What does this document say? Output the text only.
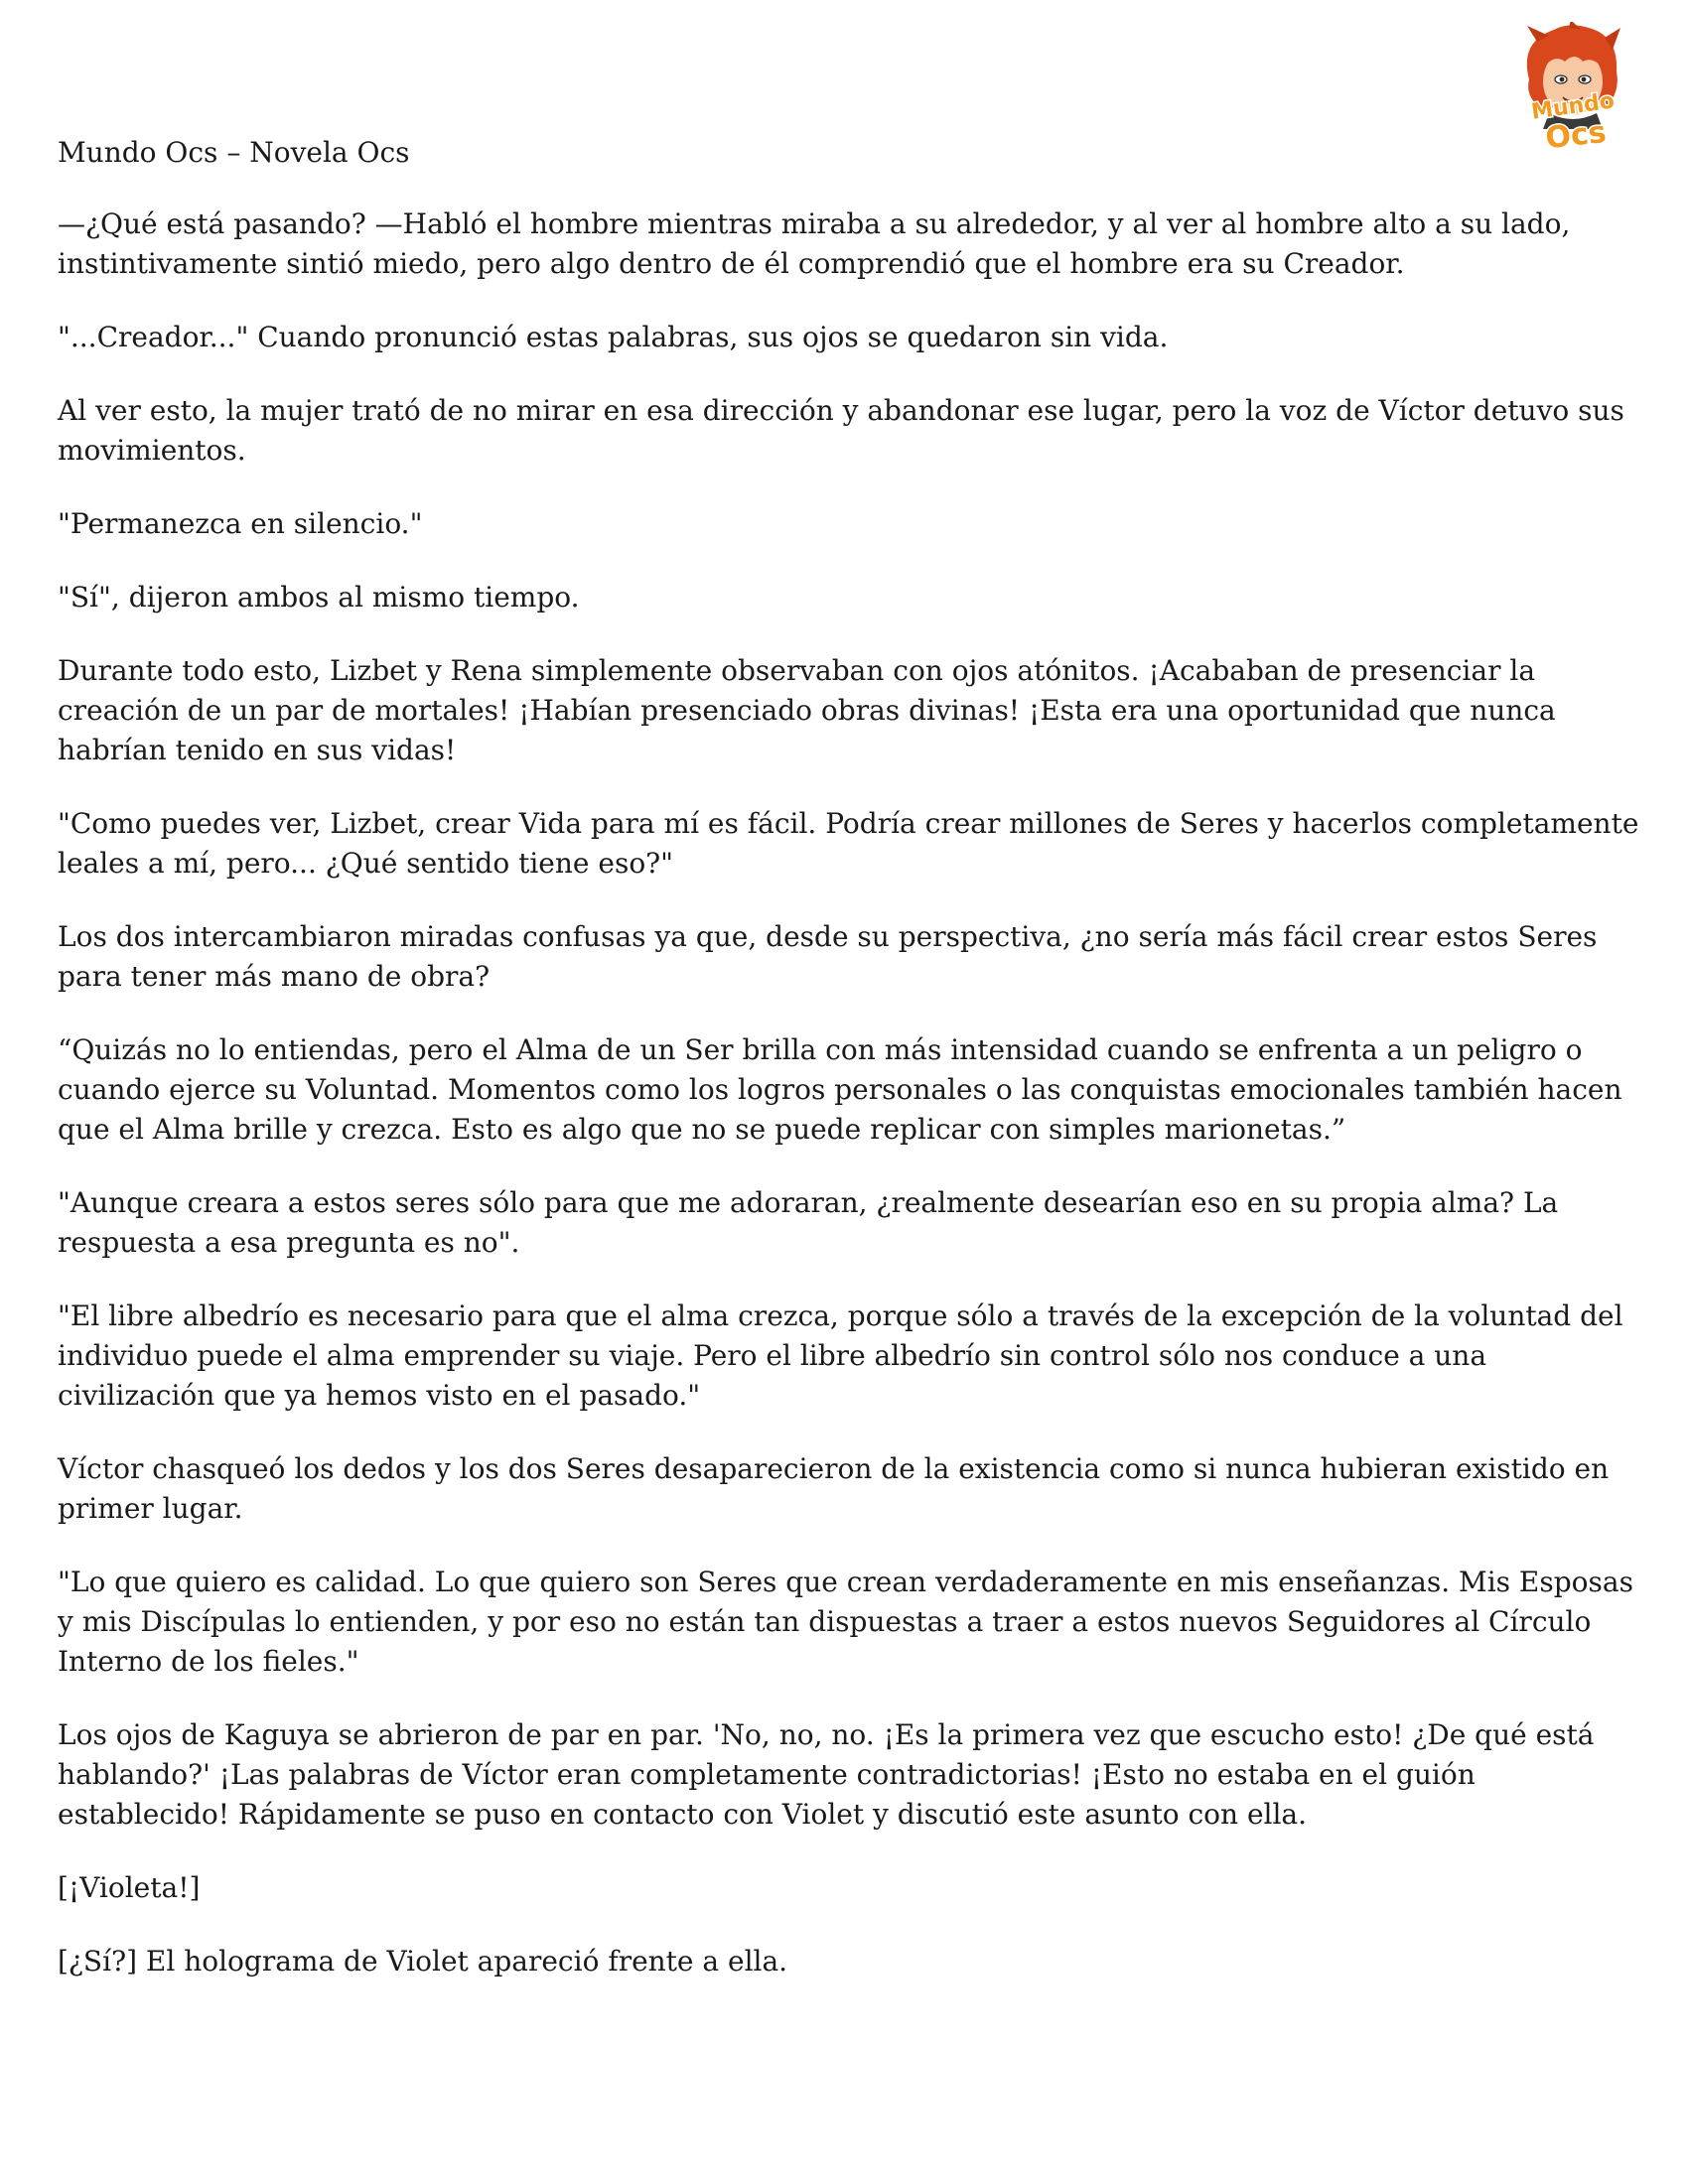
Mundo
Ocs
Mundo Ocs – Novela Ocs

—¿Qué está pasando? —Habló el hombre mientras miraba a su alrededor, y al ver al hombre alto a su lado, instintivamente sintió miedo, pero algo dentro de él comprendió que el hombre era su Creador.

"...Creador..." Cuando pronunció estas palabras, sus ojos se quedaron sin vida.

Al ver esto, la mujer trató de no mirar en esa dirección y abandonar ese lugar, pero la voz de Víctor detuvo sus movimientos.

"Permanezca en silencio."

"Sí", dijeron ambos al mismo tiempo.

Durante todo esto, Lizbet y Rena simplemente observaban con ojos atónitos. ¡Acababan de presenciar la creación de un par de mortales! ¡Habían presenciado obras divinas! ¡Esta era una oportunidad que nunca habrían tenido en sus vidas!

"Como puedes ver, Lizbet, crear Vida para mí es fácil. Podría crear millones de Seres y hacerlos completamente leales a mí, pero... ¿Qué sentido tiene eso?"

Los dos intercambiaron miradas confusas ya que, desde su perspectiva, ¿no sería más fácil crear estos Seres para tener más mano de obra?

“Quizás no lo entiendas, pero el Alma de un Ser brilla con más intensidad cuando se enfrenta a un peligro o cuando ejerce su Voluntad. Momentos como los logros personales o las conquistas emocionales también hacen que el Alma brille y crezca. Esto es algo que no se puede replicar con simples marionetas.”

"Aunque creara a estos seres sólo para que me adoraran, ¿realmente desearían eso en su propia alma? La respuesta a esa pregunta es no".

"El libre albedrío es necesario para que el alma crezca, porque sólo a través de la excepción de la voluntad del individuo puede el alma emprender su viaje. Pero el libre albedrío sin control sólo nos conduce a una civilización que ya hemos visto en el pasado."

Víctor chasqueó los dedos y los dos Seres desaparecieron de la existencia como si nunca hubieran existido en primer lugar.

"Lo que quiero es calidad. Lo que quiero son Seres que crean verdaderamente en mis enseñanzas. Mis Esposas y mis Discípulas lo entienden, y por eso no están tan dispuestas a traer a estos nuevos Seguidores al Círculo Interno de los fieles."

Los ojos de Kaguya se abrieron de par en par. 'No, no, no. ¡Es la primera vez que escucho esto! ¿De qué está hablando?' ¡Las palabras de Víctor eran completamente contradictorias! ¡Esto no estaba en el guión establecido! Rápidamente se puso en contacto con Violet y discutió este asunto con ella.

[¡Violeta!]

[¿Sí?] El holograma de Violet apareció frente a ella.
